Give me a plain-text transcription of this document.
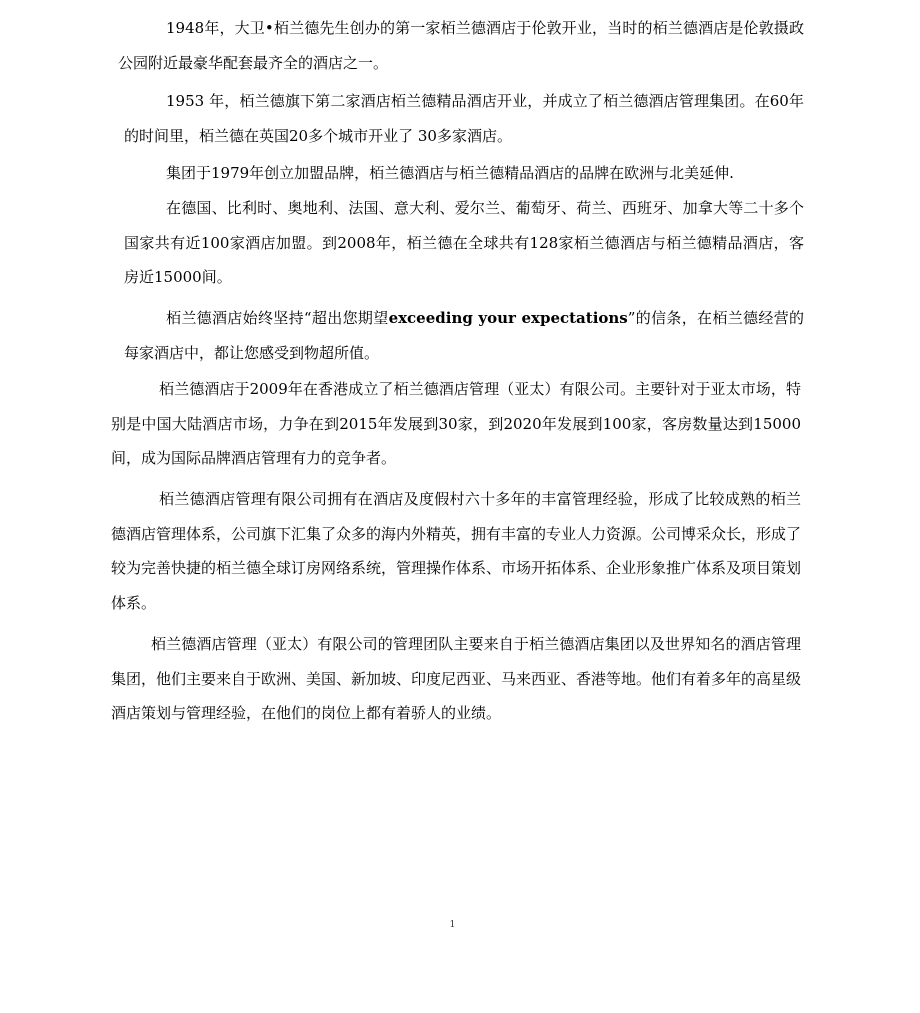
1948年，大卫•栢兰德先生创办的第一家栢兰德酒店于伦敦开业，当时的栢兰德酒店是伦敦摄政公园附近最豪华配套最齐全的酒店之一。

1953 年，栢兰德旗下第二家酒店栢兰德精品酒店开业，并成立了栢兰德酒店管理集团。在60年的时间里，栢兰德在英国20多个城市开业了 30多家酒店。

集团于1979年创立加盟品牌，栢兰德酒店与栢兰德精品酒店的品牌在欧洲与北美延伸.

在德国、比利时、奥地利、法国、意大利、爱尔兰、葡萄牙、荷兰、西班牙、加拿大等二十多个国家共有近100家酒店加盟。到2008年，栢兰德在全球共有128家栢兰德酒店与栢兰德精品酒店，客房近15000间。

栢兰德酒店始终坚持“超出您期望exceeding your expectations”的信条，在栢兰德经营的每家酒店中，都让您感受到物超所值。

栢兰德酒店于2009年在香港成立了栢兰德酒店管理（亚太）有限公司。主要针对于亚太市场，特别是中国大陆酒店市场，力争在到2015年发展到30家，到2020年发展到100家，客房数量达到15000间，成为国际品牌酒店管理有力的竞争者。

栢兰德酒店管理有限公司拥有在酒店及度假村六十多年的丰富管理经验，形成了比较成熟的栢兰德酒店管理体系，公司旗下汇集了众多的海内外精英，拥有丰富的专业人力资源。公司博采众长，形成了较为完善快捷的栢兰德全球订房网络系统，管理操作体系、市场开拓体系、企业形象推广体系及项目策划体系。

栢兰德酒店管理（亚太）有限公司的管理团队主要来自于栢兰德酒店集团以及世界知名的酒店管理集团，他们主要来自于欧洲、美国、新加坡、印度尼西亚、马来西亚、香港等地。他们有着多年的高星级酒店策划与管理经验，在他们的岗位上都有着骄人的业绩。

1
